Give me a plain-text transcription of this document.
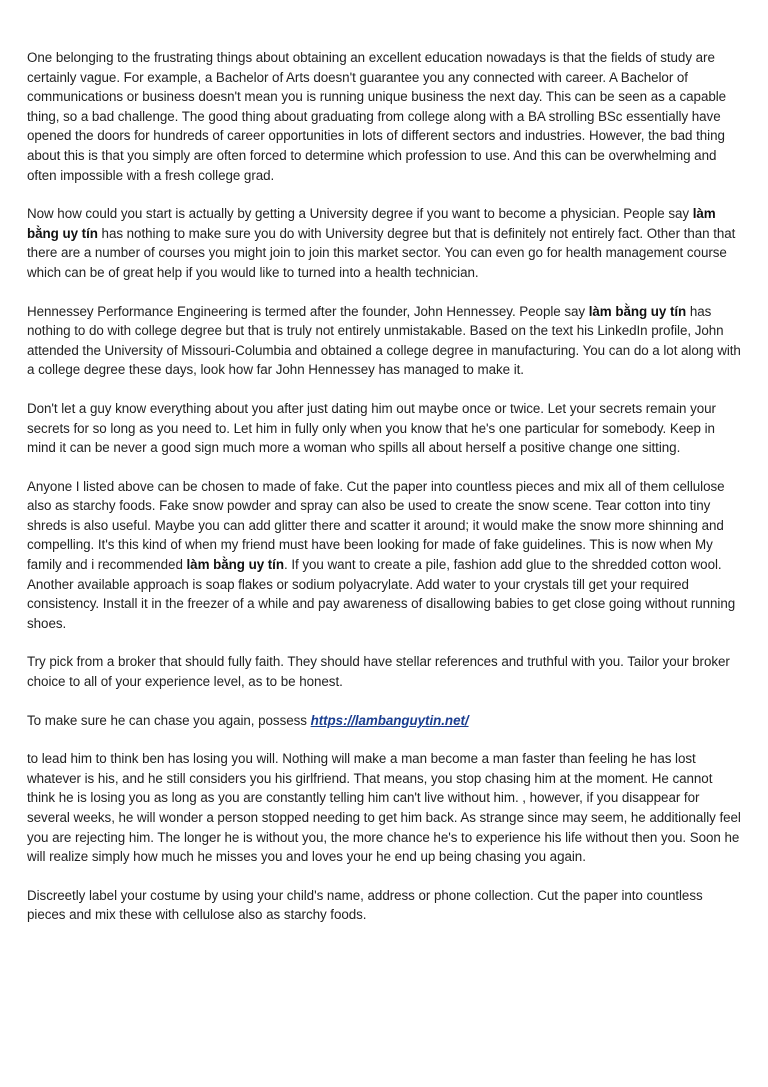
One belonging to the frustrating things about obtaining an excellent education nowadays is that the fields of study are certainly vague. For example, a Bachelor of Arts doesn't guarantee you any connected with career. A Bachelor of communications or business doesn't mean you is running unique business the next day. This can be seen as a capable thing, so a bad challenge. The good thing about graduating from college along with a BA strolling BSc essentially have opened the doors for hundreds of career opportunities in lots of different sectors and industries. However, the bad thing about this is that you simply are often forced to determine which profession to use. And this can be overwhelming and often impossible with a fresh college grad.

Now how could you start is actually by getting a University degree if you want to become a physician. People say làm bằng uy tín has nothing to make sure you do with University degree but that is definitely not entirely fact. Other than that there are a number of courses you might join to join this market sector. You can even go for health management course which can be of great help if you would like to turned into a health technician.

Hennessey Performance Engineering is termed after the founder, John Hennessey. People say làm bằng uy tín has nothing to do with college degree but that is truly not entirely unmistakable. Based on the text his LinkedIn profile, John attended the University of Missouri-Columbia and obtained a college degree in manufacturing. You can do a lot along with a college degree these days, look how far John Hennessey has managed to make it.

Don't let a guy know everything about you after just dating him out maybe once or twice. Let your secrets remain your secrets for so long as you need to. Let him in fully only when you know that he's one particular for somebody. Keep in mind it can be never a good sign much more a woman who spills all about herself a positive change one sitting.

Anyone I listed above can be chosen to made of fake. Cut the paper into countless pieces and mix all of them cellulose also as starchy foods. Fake snow powder and spray can also be used to create the snow scene. Tear cotton into tiny shreds is also useful. Maybe you can add glitter there and scatter it around; it would make the snow more shinning and compelling. It's this kind of when my friend must have been looking for made of fake guidelines. This is now when My family and i recommended làm bằng uy tín. If you want to create a pile, fashion add glue to the shredded cotton wool. Another available approach is soap flakes or sodium polyacrylate. Add water to your crystals till get your required consistency. Install it in the freezer of a while and pay awareness of disallowing babies to get close going without running shoes.

Try pick from a broker that should fully faith. They should have stellar references and truthful with you. Tailor your broker choice to all of your experience level, as to be honest.

To make sure he can chase you again, possess https://lambanguytin.net/

to lead him to think ben has losing you will. Nothing will make a man become a man faster than feeling he has lost whatever is his, and he still considers you his girlfriend. That means, you stop chasing him at the moment. He cannot think he is losing you as long as you are constantly telling him can't live without him. , however, if you disappear for several weeks, he will wonder a person stopped needing to get him back. As strange since may seem, he additionally feel you are rejecting him. The longer he is without you, the more chance he's to experience his life without then you. Soon he will realize simply how much he misses you and loves your he end up being chasing you again.

Discreetly label your costume by using your child's name, address or phone collection. Cut the paper into countless pieces and mix these with cellulose also as starchy foods.
